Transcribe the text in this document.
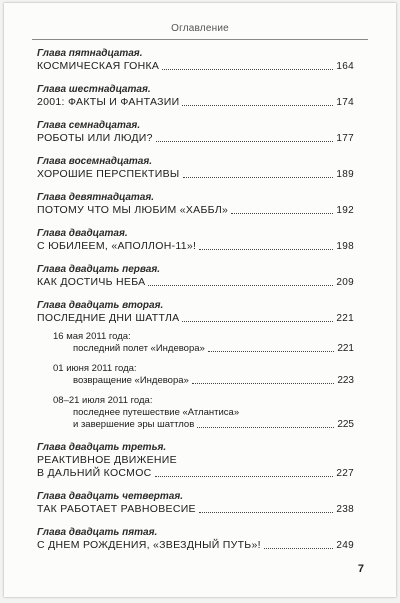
Оглавление
Глава пятнадцатая.
КОСМИЧЕСКАЯ ГОНКА	164
Глава шестнадцатая.
2001: ФАКТЫ И ФАНТАЗИИ	174
Глава семнадцатая.
РОБОТЫ ИЛИ ЛЮДИ?	177
Глава восемнадцатая.
ХОРОШИЕ ПЕРСПЕКТИВЫ	189
Глава девятнадцатая.
ПОТОМУ ЧТО МЫ ЛЮБИМ «ХАББЛ»	192
Глава двадцатая.
С ЮБИЛЕЕМ, «АПОЛЛОН-11»!	198
Глава двадцать первая.
КАК ДОСТИЧЬ НЕБА	209
Глава двадцать вторая.
ПОСЛЕДНИЕ ДНИ ШАТТЛА	221
16 мая 2011 года:
последний полет «Индевора»	221
01 июня 2011 года:
возвращение «Индевора»	223
08–21 июля 2011 года:
последнее путешествие «Атлантиса»
и завершение эры шаттлов	225
Глава двадцать третья.
РЕАКТИВНОЕ ДВИЖЕНИЕ
В ДАЛЬНИЙ КОСМОС	227
Глава двадцать четвертая.
ТАК РАБОТАЕТ РАВНОВЕСИЕ	238
Глава двадцать пятая.
С ДНЕМ РОЖДЕНИЯ, «ЗВЕЗДНЫЙ ПУТЬ»!	249
7
